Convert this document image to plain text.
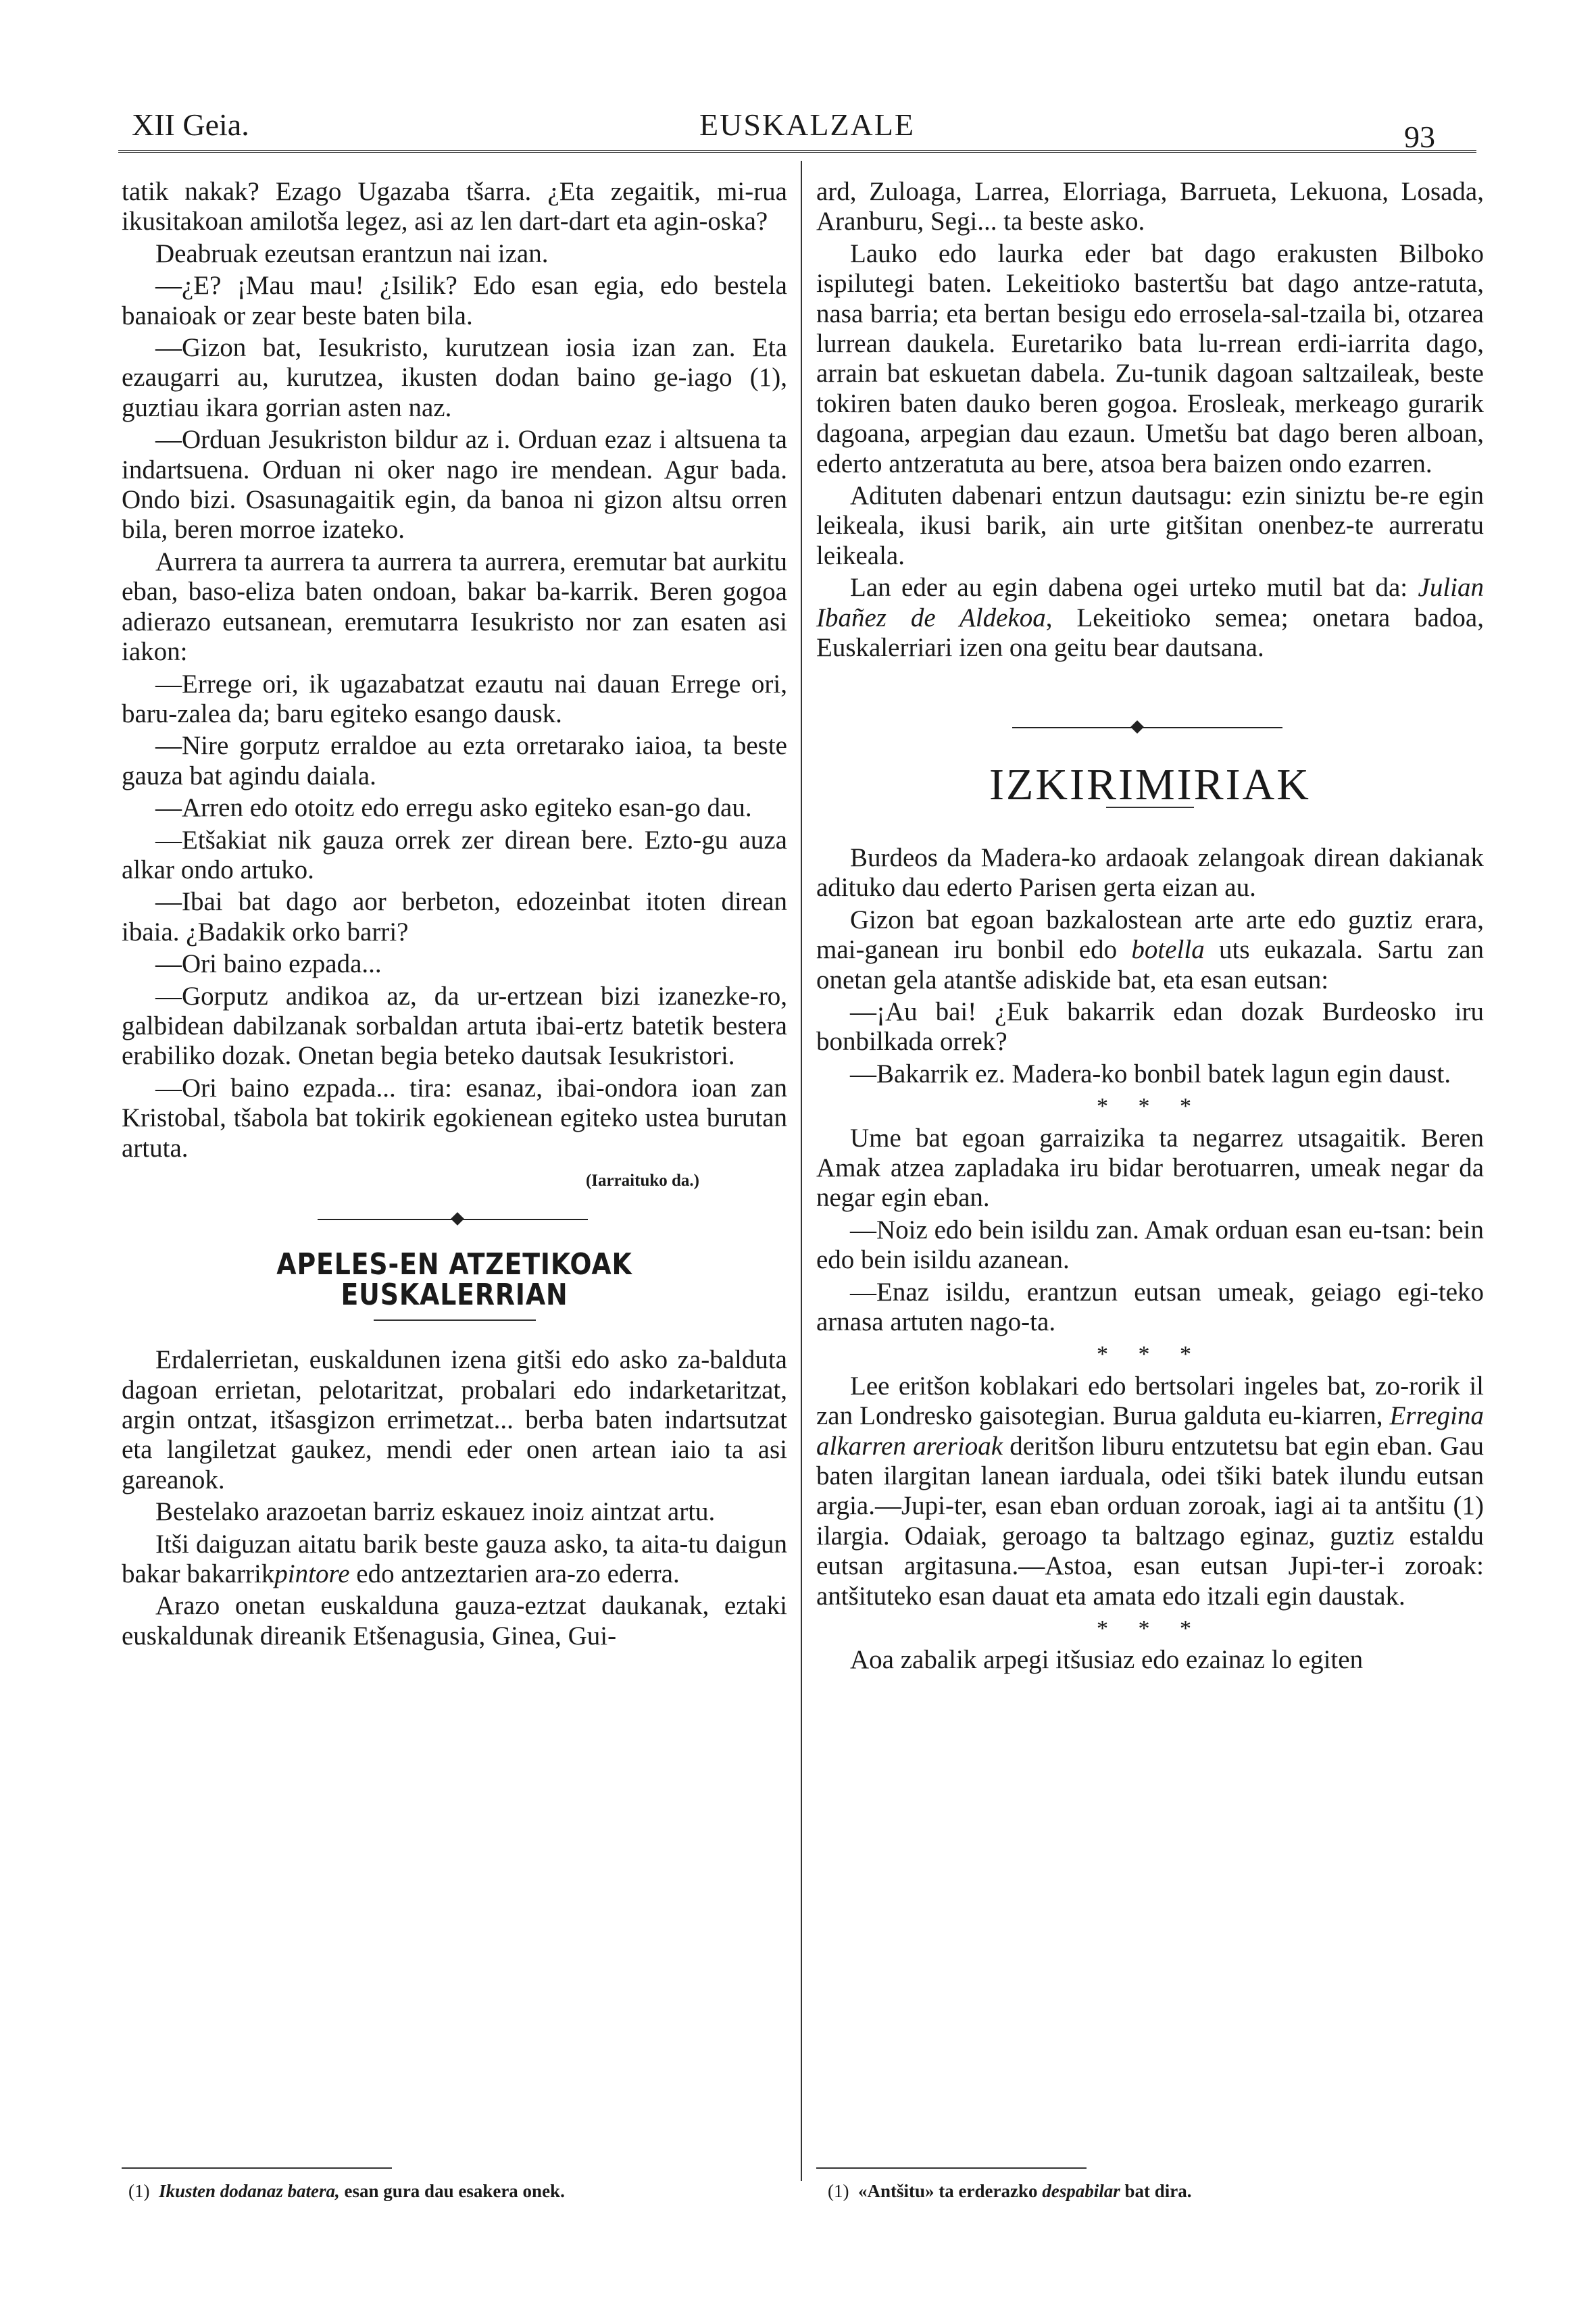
XII Geia.	EUSKALZALE	93

tatik nakak? Ezago Ugazaba tšarra. ¿Eta zegaitik, mi-rua ikusitakoan amilotša legez, asi az len dart-dart eta agin-oska?

Deabruak ezeutsan erantzun nai izan.

—¿E? ¡Mau mau! ¿Isilik? Edo esan egia, edo bestela banaioak or zear beste baten bila.

—Gizon bat, Iesukristo, kurutzean iosia izan zan. Eta ezaugarri au, kurutzea, ikusten dodan baino ge-iago (1), guztiau ikara gorrian asten naz.

—Orduan Jesukriston bildur az i. Orduan ezaz i altsuena ta indartsuena. Orduan ni oker nago ire mendean. Agur bada. Ondo bizi. Osasunagaitik egin, da banoa ni gizon altsu orren bila, beren morroe izateko.

Aurrera ta aurrera ta aurrera ta aurrera, eremutar bat aurkitu eban, baso-eliza baten ondoan, bakar ba-karrik. Beren gogoa adierazo eutsanean, eremutarra Iesukristo nor zan esaten asi iakon:

—Errege ori, ik ugazabatzat ezautu nai dauan Errege ori, baru-zalea da; baru egiteko esango dausk.

—Nire gorputz erraldoe au ezta orretarako iaioa, ta beste gauza bat agindu daiala.

—Arren edo otoitz edo erregu asko egiteko esan-go dau.

—Etšakiat nik gauza orrek zer direan bere. Ezto-gu auza alkar ondo artuko.

—Ibai bat dago aor berbeton, edozeinbat itoten direan ibaia. ¿Badakik orko barri?

—Ori baino ezpada...

—Gorputz andikoa az, da ur-ertzean bizi izanezke-ro, galbidean dabilzanak sorbaldan artuta ibai-ertz batetik bestera erabiliko dozak. Onetan begia beteko dautsak Iesukristori.

—Ori baino ezpada... tira: esanaz, ibai-ondora ioan zan Kristobal, tšabola bat tokirik egokienean egiteko ustea burutan artuta.

(Iarraituko da.)
APELES-EN ATZETIKOAK EUSKALERRIAN

Erdalerrietan, euskaldunen izena gitši edo asko za-balduta dagoan errietan, pelotaritzat, probalari edo indarketaritzat, argin ontzat, itšasgizon errimetzat... berba baten indartsutzat eta langiletzat gaukez, mendi eder onen artean iaio ta asi gareanok.

Bestelako arazoetan barriz eskauez inoiz aintzat artu.

Itši daiguzan aitatu barik beste gauza asko, ta aita-tu daigun bakar bakarrikpintore edo antzeztarien ara-zo ederra.

Arazo onetan euskalduna gauza-eztzat daukanak, eztaki euskaldunak direanik Etšenagusia, Ginea, Gui-

ard, Zuloaga, Larrea, Elorriaga, Barrueta, Lekuona, Losada, Aranburu, Segi... ta beste asko.

Lauko edo laurka eder bat dago erakusten Bilboko ispilutegi baten. Lekeitioko bastertšu bat dago antze-ratuta, nasa barria; eta bertan besigu edo errosela-sal-tzaila bi, otzarea lurrean daukela. Euretariko bata lu-rrean erdi-iarrita dago, arrain bat eskuetan dabela. Zu-tunik dagoan saltzaileak, beste tokiren baten dauko beren gogoa. Erosleak, merkeago gurarik dagoana, arpegian dau ezaun. Umetšu bat dago beren alboan, ederto antzeratuta au bere, atsoa bera baizen ondo ezarren.

Adituten dabenari entzun dautsagu: ezin siniztu be-re egin leikeala, ikusi barik, ain urte gitšitan onenbez-te aurreratu leikeala.

Lan eder au egin dabena ogei urteko mutil bat da: Julian Ibañez de Aldekoa, Lekeitioko semea; onetara badoa, Euskalerriari izen ona geitu bear dautsana.

IZKIRIMIRIAK

Burdeos da Madera-ko ardaoak zelangoak direan dakianak adituko dau ederto Parisen gerta eizan au.

Gizon bat egoan bazkalostean arte arte edo guztiz erara, mai-ganean iru bonbil edo botella uts eukazala. Sartu zan onetan gela atantše adiskide bat, eta esan eutsan:

—¡Au bai! ¿Euk bakarrik edan dozak Burdeosko iru bonbilkada orrek?

—Bakarrik ez. Madera-ko bonbil batek lagun egin daust.

* * *

Ume bat egoan garraizika ta negarrez utsagaitik. Beren Amak atzea zapladaka iru bidar berotuarren, umeak negar da negar egin eban.

—Noiz edo bein isildu zan. Amak orduan esan eu-tsan: bein edo bein isildu azanean.

—Enaz isildu, erantzun eutsan umeak, geiago egi-teko arnasa artuten nago-ta.

* * *

Lee eritšon koblakari edo bertsolari ingeles bat, zo-rorik il zan Londresko gaisotegian. Burua galduta eu-kiarren, Erregina alkarren arerioak deritšon liburu entzutetsu bat egin eban. Gau baten ilargitan lanean iarduala, odei tšiki batek ilundu eutsan argia.—Jupi-ter, esan eban orduan zoroak, iagi ai ta antšitu (1) ilargia. Odaiak, geroago ta baltzago eginaz, guztiz estaldu eutsan argitasuna.—Astoa, esan eutsan Jupi-ter-i zoroak: antšituteko esan dauat eta amata edo itzali egin daustak.

* * *

Aoa zabalik arpegi itšusiaz edo ezainaz lo egiten

(1) Ikusten dodanaz batera, esan gura dau esakera onek.	(1) «Antšitu» ta erderazko despabilar bat dira.
